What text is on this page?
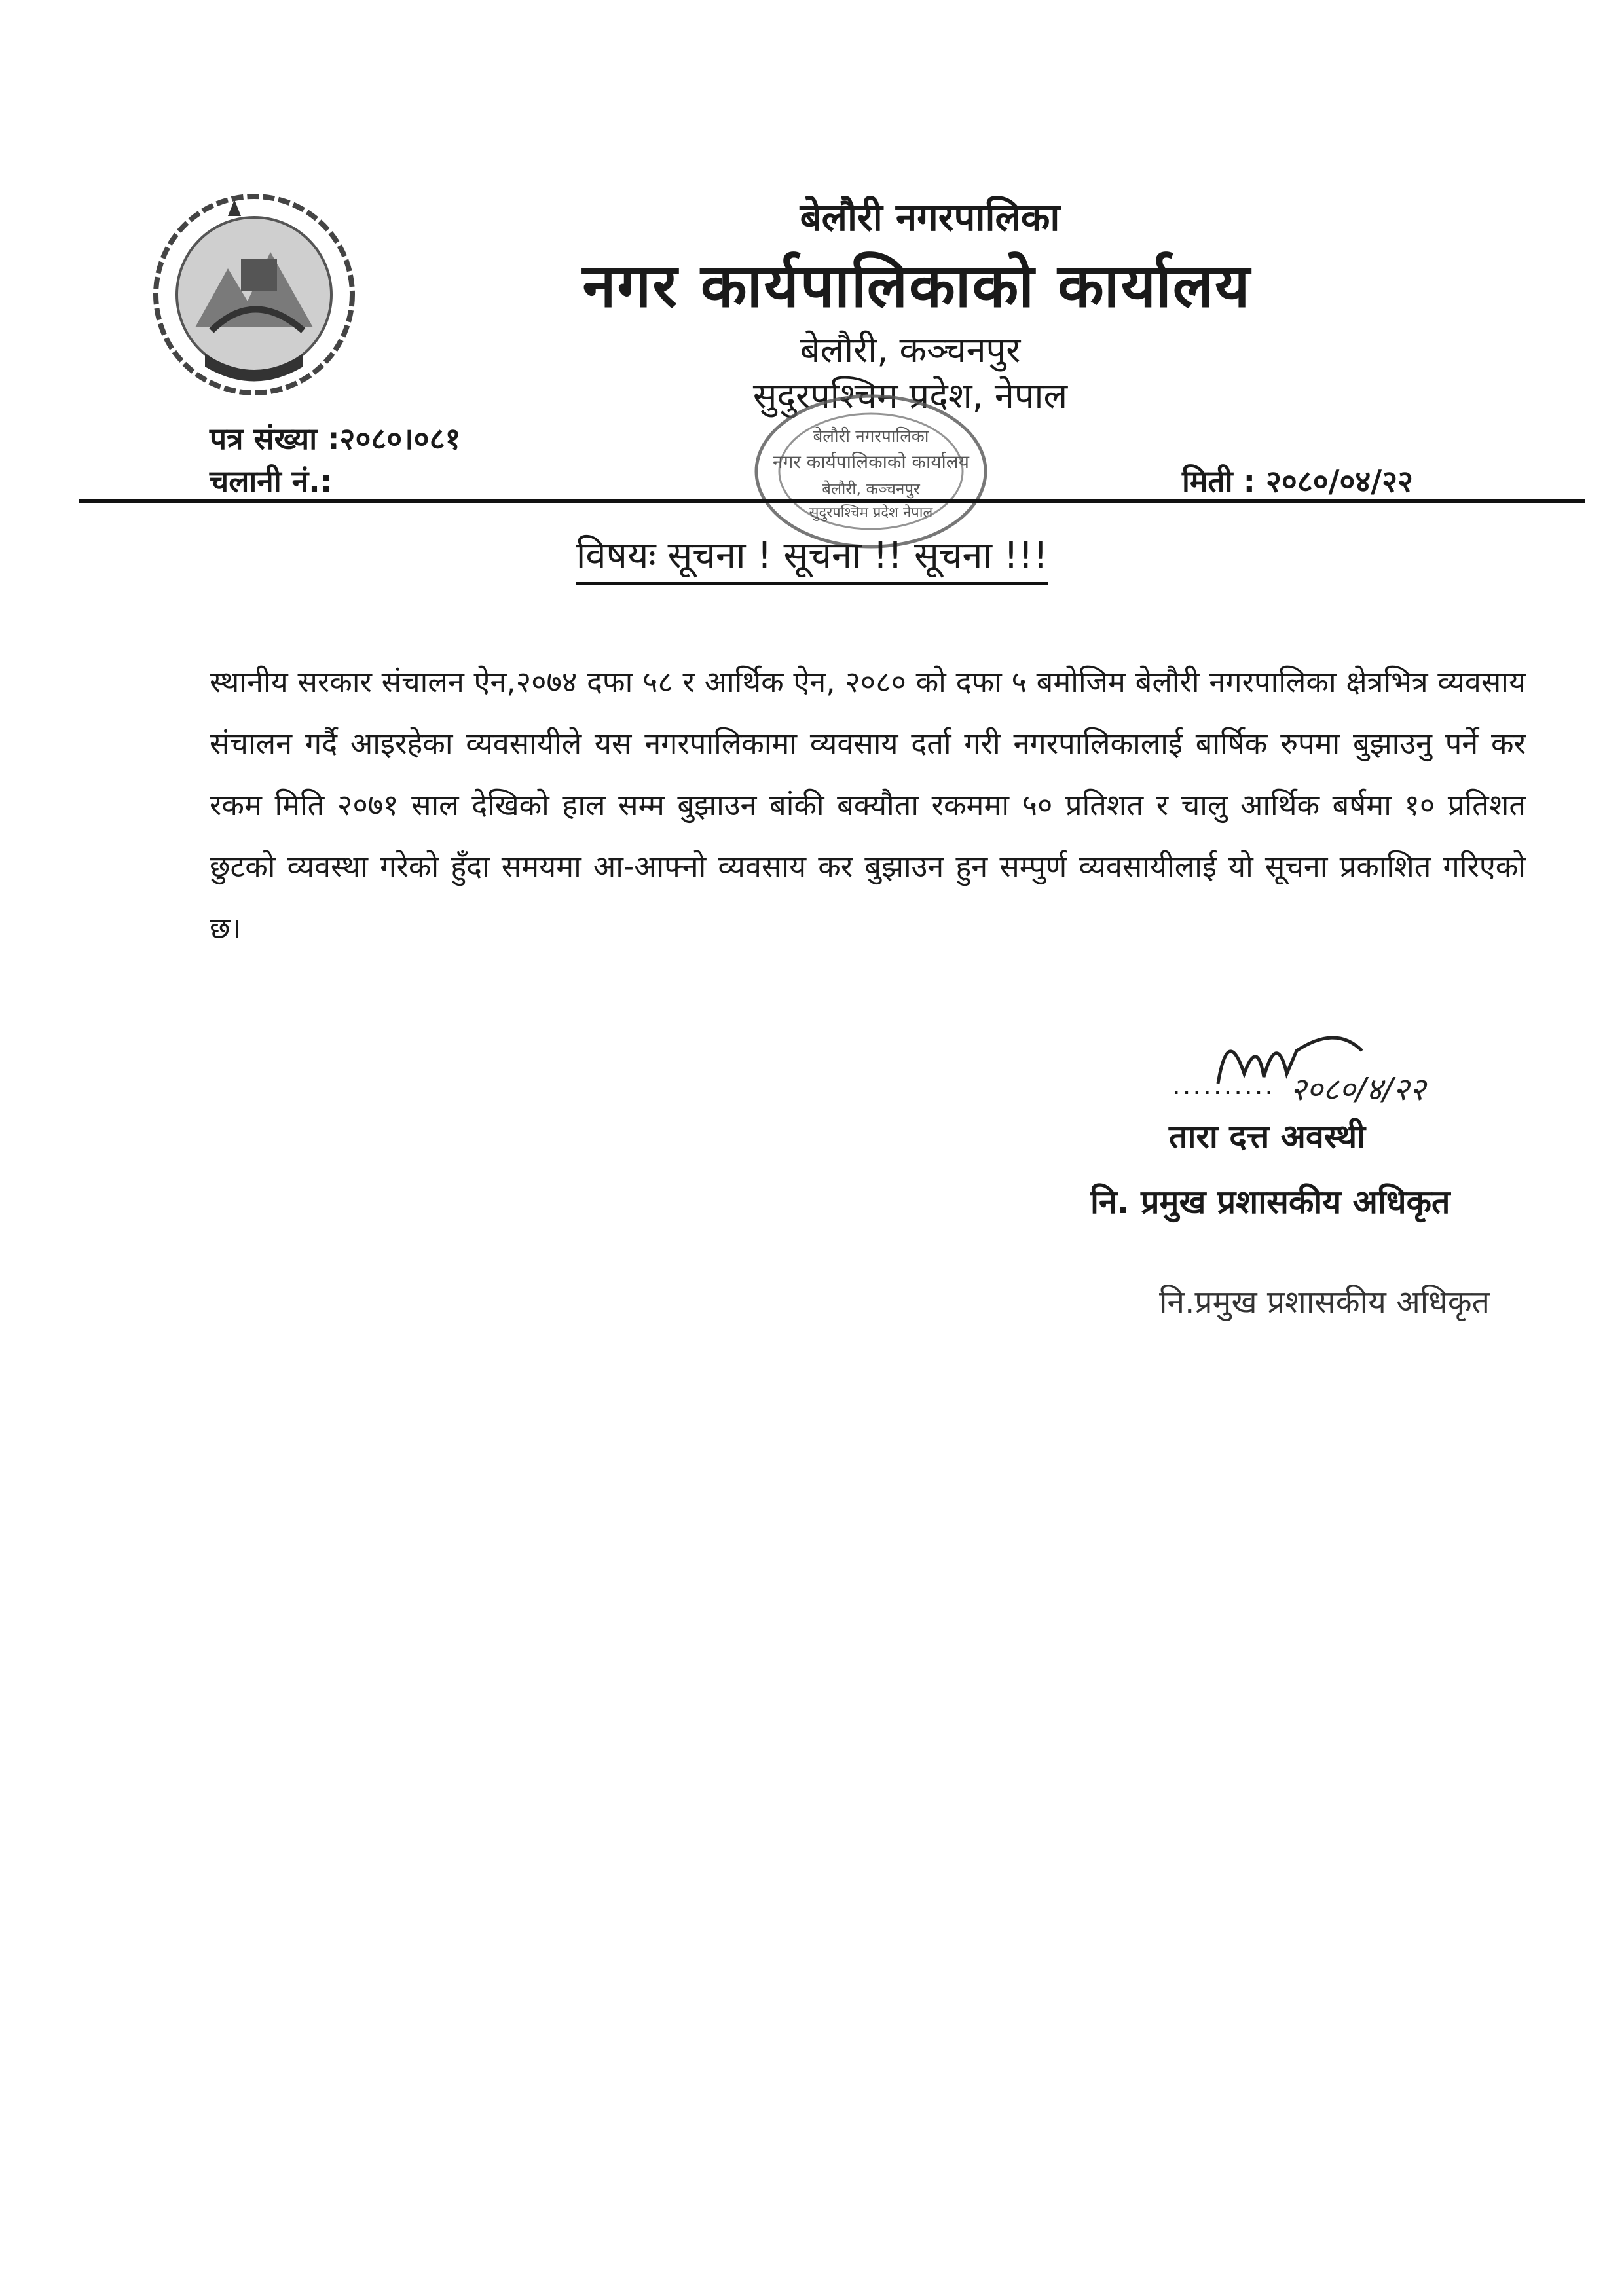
बेलौरी नगरपालिका
नगर कार्यपालिकाको कार्यालय
बेलौरी, कञ्चनपुर
सुदुरपश्चिम प्रदेश, नेपाल
बेलौरी नगरपालिका
नगर कार्यपालिकाको कार्यालय
बेलौरी, कञ्चनपुर
सुदुरपश्चिम प्रदेश नेपाल
पत्र संख्या :२०८०।०८१
चलानी नं.:	मिती : २०८०/०४/२२
विषयः सूचना ! सूचना !! सूचना !!!
स्थानीय सरकार संचालन ऐन,२०७४ दफा ५८ र आर्थिक ऐन, २०८० को दफा ५ बमोजिम बेलौरी नगरपालिका क्षेत्रभित्र व्यवसाय संचालन गर्दै आइरहेका व्यवसायीले यस नगरपालिकामा व्यवसाय दर्ता गरी नगरपालिकालाई बार्षिक रुपमा बुझाउनु पर्ने कर रकम मिति २०७१ साल देखिको हाल सम्म बुझाउन बांकी बक्यौता रकममा ५० प्रतिशत र चालु आर्थिक बर्षमा १० प्रतिशत छुटको व्यवस्था गरेको हुँदा समयमा आ-आफ्नो व्यवसाय कर बुझाउन हुन सम्पुर्ण व्यवसायीलाई यो सूचना प्रकाशित गरिएको छ।
२०८०/४/२२
..........
तारा दत्त अवस्थी
नि. प्रमुख प्रशासकीय अधिकृत
नि.प्रमुख प्रशासकीय अधिकृत
